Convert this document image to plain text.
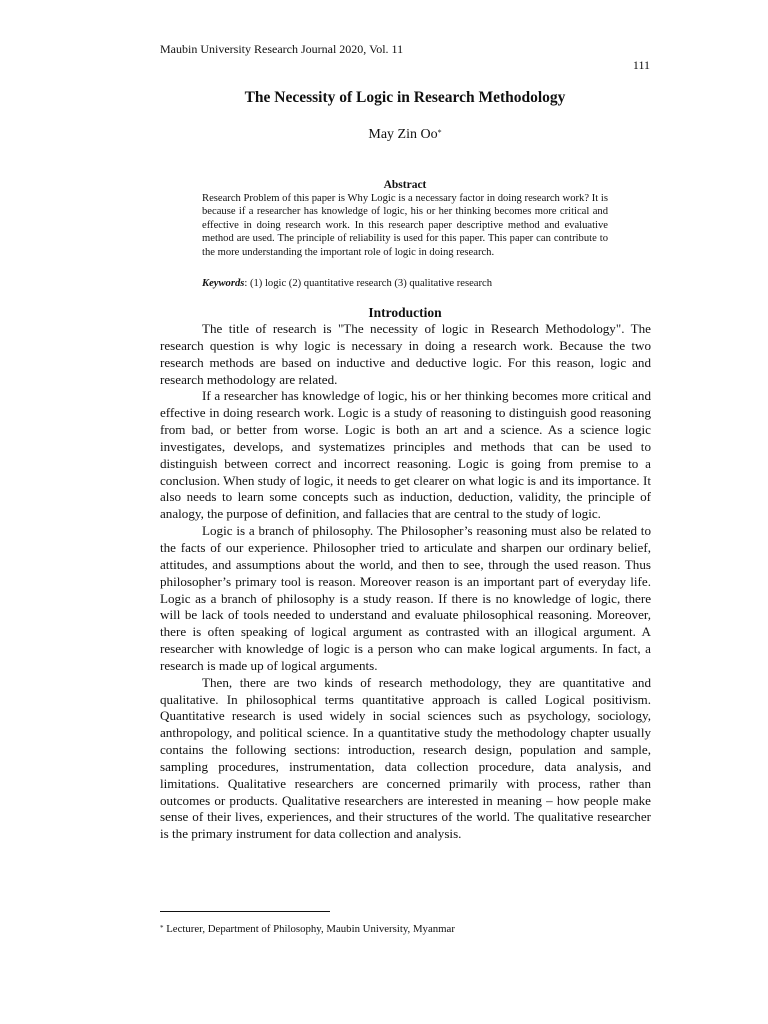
Maubin University Research Journal 2020, Vol. 11
111
The Necessity of Logic in Research Methodology
May Zin Oo*
Abstract

Research Problem of this paper is Why Logic is a necessary factor in doing research work? It is because if a researcher has knowledge of logic, his or her thinking becomes more critical and effective in doing research work. In this research paper descriptive method and evaluative method are used. The principle of reliability is used for this paper. This paper can contribute to the more understanding the important role of logic in doing research.

Keywords: (1) logic (2) quantitative research (3) qualitative research
Introduction

The title of research is "The necessity of logic in Research Methodology". The research question is why logic is necessary in doing a research work. Because the two research methods are based on inductive and deductive logic. For this reason, logic and research methodology are related.

If a researcher has knowledge of logic, his or her thinking becomes more critical and effective in doing research work. Logic is a study of reasoning to distinguish good reasoning from bad, or better from worse. Logic is both an art and a science. As a science logic investigates, develops, and systematizes principles and methods that can be used to distinguish between correct and incorrect reasoning. Logic is going from premise to a conclusion. When study of logic, it needs to get clearer on what logic is and its importance. It also needs to learn some concepts such as induction, deduction, validity, the principle of analogy, the purpose of definition, and fallacies that are central to the study of logic.

Logic is a branch of philosophy. The Philosopher’s reasoning must also be related to the facts of our experience. Philosopher tried to articulate and sharpen our ordinary belief, attitudes, and assumptions about the world, and then to see, through the used reason. Thus philosopher’s primary tool is reason. Moreover reason is an important part of everyday life. Logic as a branch of philosophy is a study reason. If there is no knowledge of logic, there will be lack of tools needed to understand and evaluate philosophical reasoning. Moreover, there is often speaking of logical argument as contrasted with an illogical argument. A researcher with knowledge of logic is a person who can make logical arguments. In fact, a research is made up of logical arguments.

Then, there are two kinds of research methodology, they are quantitative and qualitative. In philosophical terms quantitative approach is called Logical positivism. Quantitative research is used widely in social sciences such as psychology, sociology, anthropology, and political science. In a quantitative study the methodology chapter usually contains the following sections: introduction, research design, population and sample, sampling procedures, instrumentation, data collection procedure, data analysis, and limitations. Qualitative researchers are concerned primarily with process, rather than outcomes or products. Qualitative researchers are interested in meaning – how people make sense of their lives, experiences, and their structures of the world. The qualitative researcher is the primary instrument for data collection and analysis.

* Lecturer, Department of Philosophy, Maubin University, Myanmar
